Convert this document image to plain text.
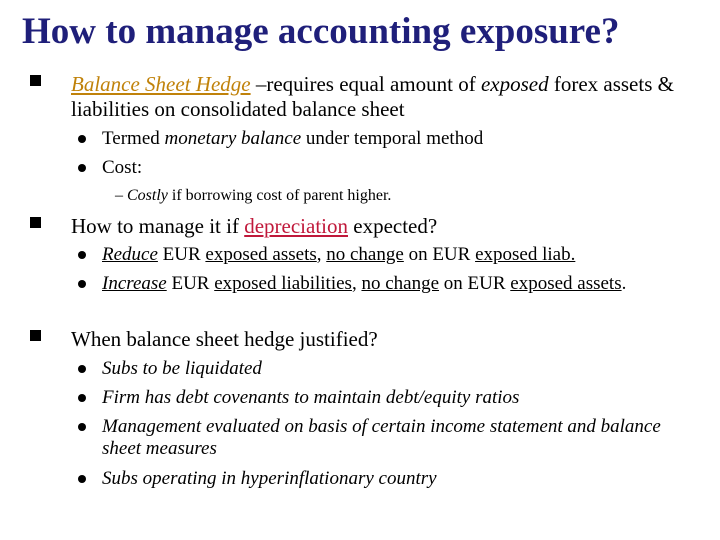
How to manage accounting exposure?
Balance Sheet Hedge –requires equal amount of exposed forex assets & liabilities on consolidated balance sheet
Termed monetary balance under temporal method
Cost:
– Costly if borrowing cost of parent higher.
How to manage it if depreciation expected?
Reduce EUR exposed assets, no change on EUR exposed liab.
Increase EUR exposed liabilities, no change on EUR exposed assets.
When balance sheet hedge justified?
Subs to be liquidated
Firm has debt covenants to maintain debt/equity ratios
Management evaluated on basis of certain income statement and balance sheet measures
Subs operating in hyperinflationary country
